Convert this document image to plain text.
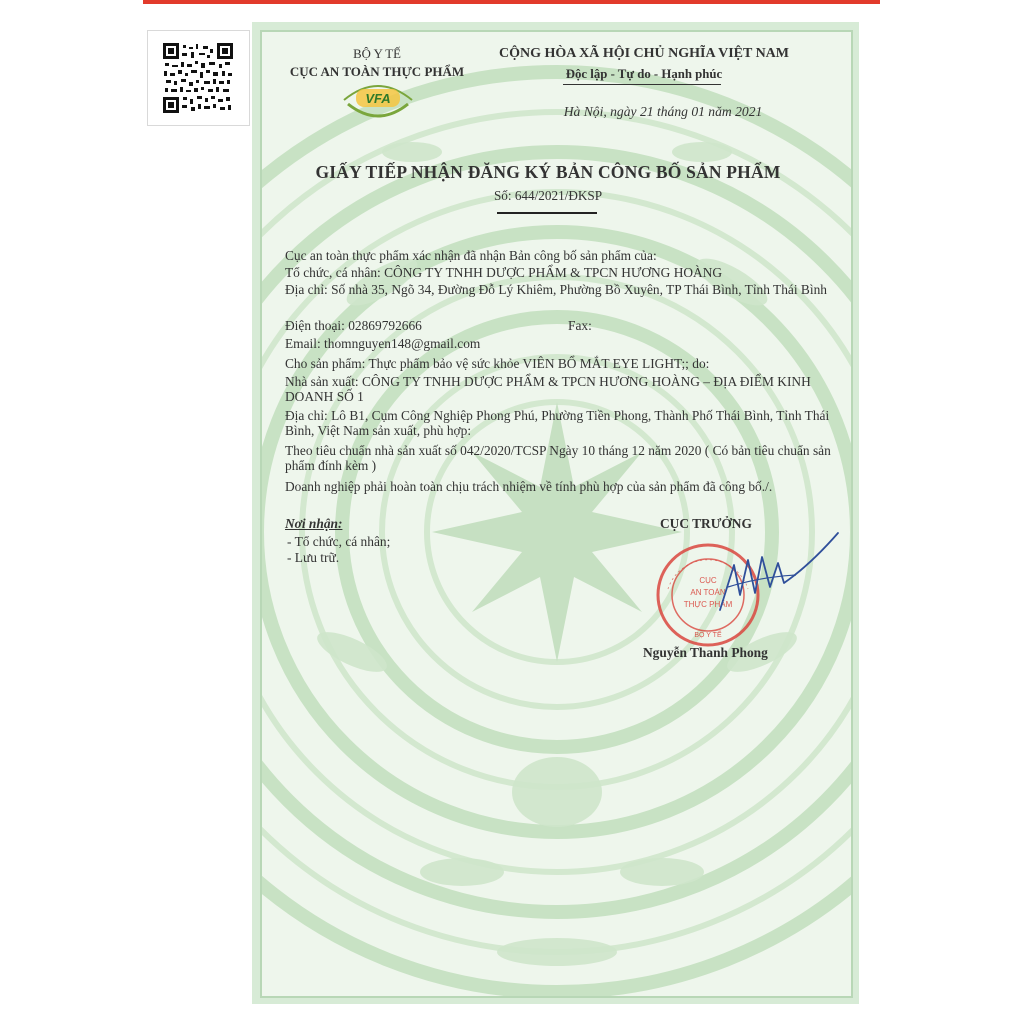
BỘ Y TẾ
CỤC AN TOÀN THỰC PHẨM
VFA
CỘNG HÒA XÃ HỘI CHỦ NGHĨA VIỆT NAM
Độc lập - Tự do - Hạnh phúc
Hà Nội, ngày 21 tháng 01 năm 2021
GIẤY TIẾP NHẬN ĐĂNG KÝ BẢN CÔNG BỐ SẢN PHẨM
Số: 644/2021/ĐKSP
Cục an toàn thực phẩm xác nhận đã nhận Bản công bố sản phẩm của:
Tổ chức, cá nhân: CÔNG TY TNHH DƯỢC PHẨM & TPCN HƯƠNG HOÀNG
Địa chỉ: Số nhà 35, Ngõ 34, Đường Đỗ Lý Khiêm, Phường Bồ Xuyên, TP Thái Bình, Tỉnh Thái Bình
Điện thoại: 02869792666	Fax:
Email: thomnguyen148@gmail.com
Cho sản phẩm: Thực phẩm bảo vệ sức khỏe VIÊN BỔ MẮT EYE LIGHT;; do:
Nhà sản xuất: CÔNG TY TNHH DƯỢC PHẨM & TPCN HƯƠNG HOÀNG – ĐỊA ĐIỂM KINH DOANH SỐ 1
Địa chỉ: Lô B1, Cụm Công Nghiệp Phong Phú, Phường Tiền Phong, Thành Phố Thái Bình, Tỉnh Thái Bình, Việt Nam sản xuất, phù hợp:
Theo tiêu chuẩn nhà sản xuất số 042/2020/TCSP Ngày 10 tháng 12 năm 2020 ( Có bản tiêu chuẩn sản phẩm đính kèm )
Doanh nghiệp phải hoàn toàn chịu trách nhiệm về tính phù hợp của sản phẩm đã công bố./.
Nơi nhận:
- Tổ chức, cá nhân;
- Lưu trữ.
CỤC TRƯỞNG
CỤC
AN TOÀN
THỰC PHẨM
BỘ Y TẾ
Nguyễn Thanh Phong
